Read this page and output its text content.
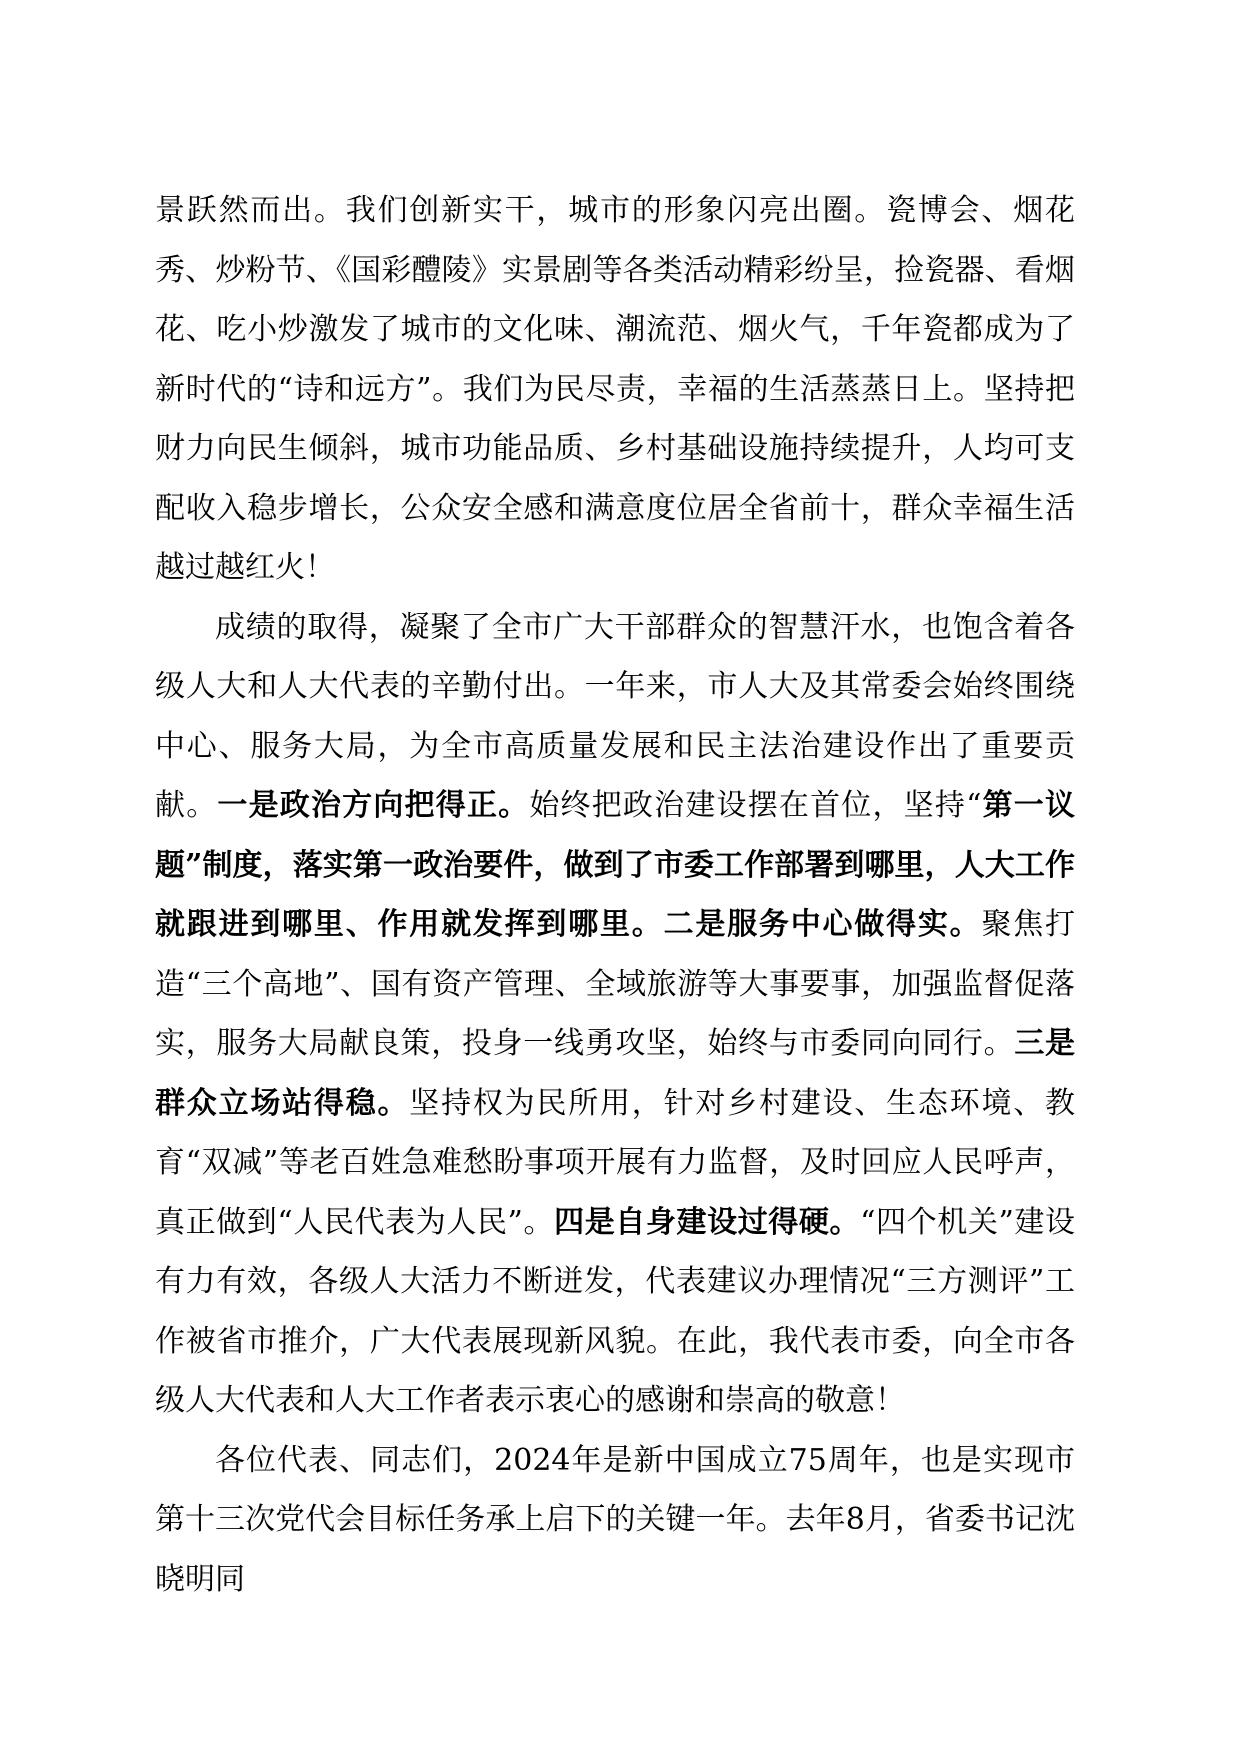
景跃然而出。我们创新实干，城市的形象闪亮出圈。瓷博会、烟花秀、炒粉节、《国彩醴陵》实景剧等各类活动精彩纷呈，捡瓷器、看烟花、吃小炒激发了城市的文化味、潮流范、烟火气，千年瓷都成为了新时代的“诗和远方”。我们为民尽责，幸福的生活蒸蒸日上。坚持把财力向民生倾斜，城市功能品质、乡村基础设施持续提升，人均可支配收入稳步增长，公众安全感和满意度位居全省前十，群众幸福生活越过越红火！

成绩的取得，凝聚了全市广大干部群众的智慧汗水，也饱含着各级人大和人大代表的辛勤付出。一年来，市人大及其常委会始终围绕中心、服务大局，为全市高质量发展和民主法治建设作出了重要贡献。一是政治方向把得正。始终把政治建设摆在首位，坚持“第一议题”制度，落实第一政治要件，做到了市委工作部署到哪里，人大工作就跟进到哪里、作用就发挥到哪里。二是服务中心做得实。聚焦打造“三个高地”、国有资产管理、全域旅游等大事要事，加强监督促落实，服务大局献良策，投身一线勇攻坚，始终与市委同向同行。三是群众立场站得稳。坚持权为民所用，针对乡村建设、生态环境、教育“双减”等老百姓急难愁盼事项开展有力监督，及时回应人民呼声，真正做到“人民代表为人民”。四是自身建设过得硬。“四个机关”建设有力有效，各级人大活力不断迸发，代表建议办理情况“三方测评”工作被省市推介，广大代表展现新风貌。在此，我代表市委，向全市各级人大代表和人大工作者表示衷心的感谢和崇高的敬意！

各位代表、同志们，2024年是新中国成立75周年，也是实现市第十三次党代会目标任务承上启下的关键一年。去年8月，省委书记沈晓明同
